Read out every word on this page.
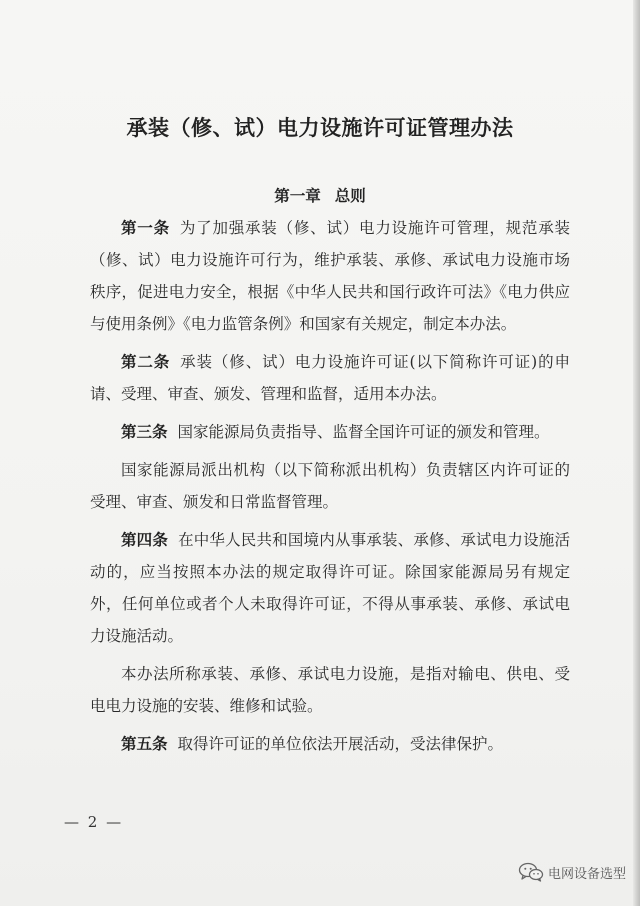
承装（修、试）电力设施许可证管理办法
第一章 总则

第一条 为了加强承装（修、试）电力设施许可管理，规范承装（修、试）电力设施许可行为，维护承装、承修、承试电力设施市场秩序，促进电力安全，根据《中华人民共和国行政许可法》《电力供应与使用条例》《电力监管条例》和国家有关规定，制定本办法。

第二条 承装（修、试）电力设施许可证(以下简称许可证)的申请、受理、审查、颁发、管理和监督，适用本办法。

第三条 国家能源局负责指导、监督全国许可证的颁发和管理。

国家能源局派出机构（以下简称派出机构）负责辖区内许可证的受理、审查、颁发和日常监督管理。

第四条 在中华人民共和国境内从事承装、承修、承试电力设施活动的，应当按照本办法的规定取得许可证。除国家能源局另有规定外，任何单位或者个人未取得许可证，不得从事承装、承修、承试电力设施活动。

本办法所称承装、承修、承试电力设施，是指对输电、供电、受电电力设施的安装、维修和试验。

第五条 取得许可证的单位依法开展活动，受法律保护。

— 2 —
电网设备选型
